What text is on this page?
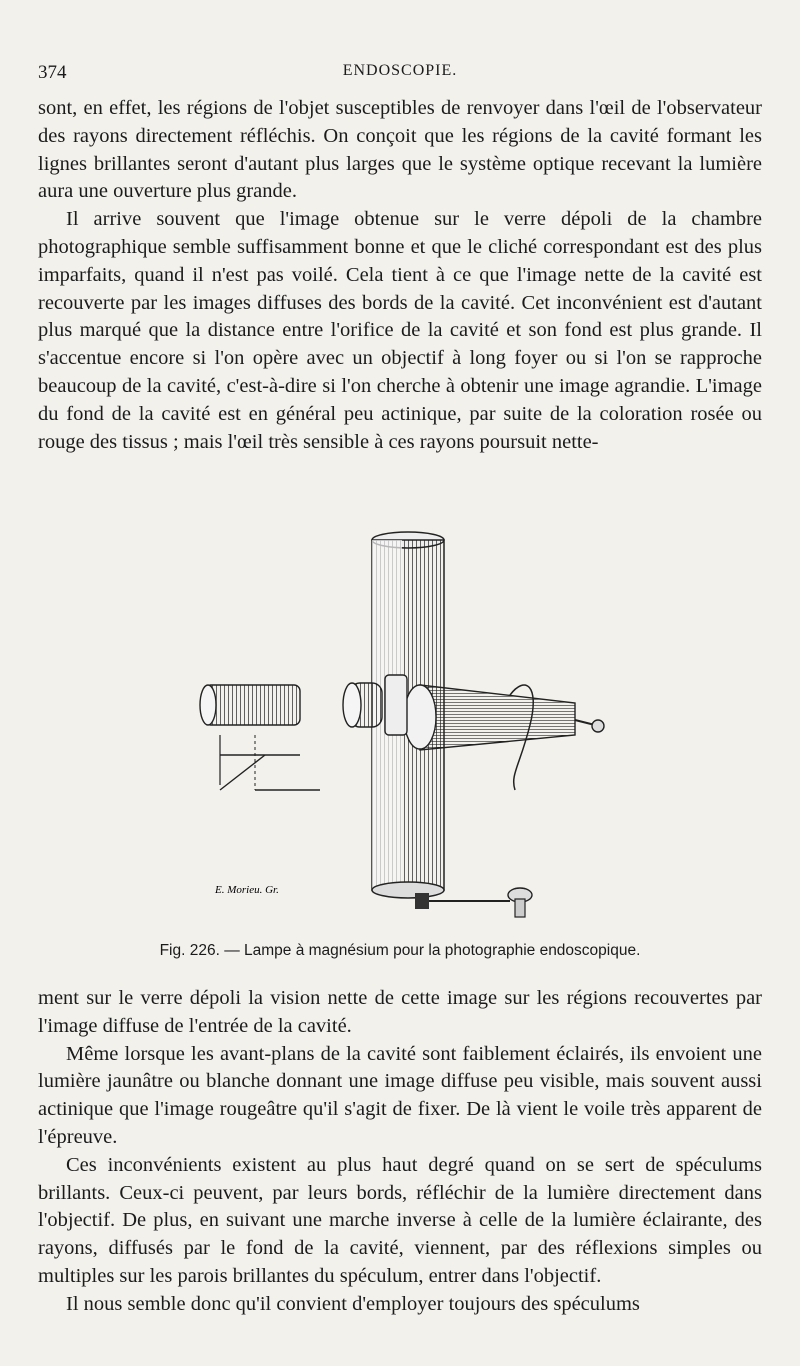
374	ENDOSCOPIE.

sont, en effet, les régions de l'objet susceptibles de renvoyer dans l'œil de l'observateur des rayons directement réfléchis. On conçoit que les régions de la cavité formant les lignes brillantes seront d'autant plus larges que le système optique recevant la lumière aura une ouverture plus grande.

Il arrive souvent que l'image obtenue sur le verre dépoli de la chambre photographique semble suffisamment bonne et que le cliché correspondant est des plus imparfaits, quand il n'est pas voilé. Cela tient à ce que l'image nette de la cavité est recouverte par les images diffuses des bords de la cavité. Cet inconvénient est d'autant plus marqué que la distance entre l'orifice de la cavité et son fond est plus grande. Il s'accentue encore si l'on opère avec un objectif à long foyer ou si l'on se rapproche beaucoup de la cavité, c'est-à-dire si l'on cherche à obtenir une image agrandie. L'image du fond de la cavité est en général peu actinique, par suite de la coloration rosée ou rouge des tissus ; mais l'œil très sensible à ces rayons poursuit nette-

E. Morieu. Gr.
Fig. 226. — Lampe à magnésium pour la photographie endoscopique.

ment sur le verre dépoli la vision nette de cette image sur les régions recouvertes par l'image diffuse de l'entrée de la cavité.

Même lorsque les avant-plans de la cavité sont faiblement éclairés, ils envoient une lumière jaunâtre ou blanche donnant une image diffuse peu visible, mais souvent aussi actinique que l'image rougeâtre qu'il s'agit de fixer. De là vient le voile très apparent de l'épreuve.

Ces inconvénients existent au plus haut degré quand on se sert de spéculums brillants. Ceux-ci peuvent, par leurs bords, réfléchir de la lumière directement dans l'objectif. De plus, en suivant une marche inverse à celle de la lumière éclairante, des rayons, diffusés par le fond de la cavité, viennent, par des réflexions simples ou multiples sur les parois brillantes du spéculum, entrer dans l'objectif.

Il nous semble donc qu'il convient d'employer toujours des spéculums
